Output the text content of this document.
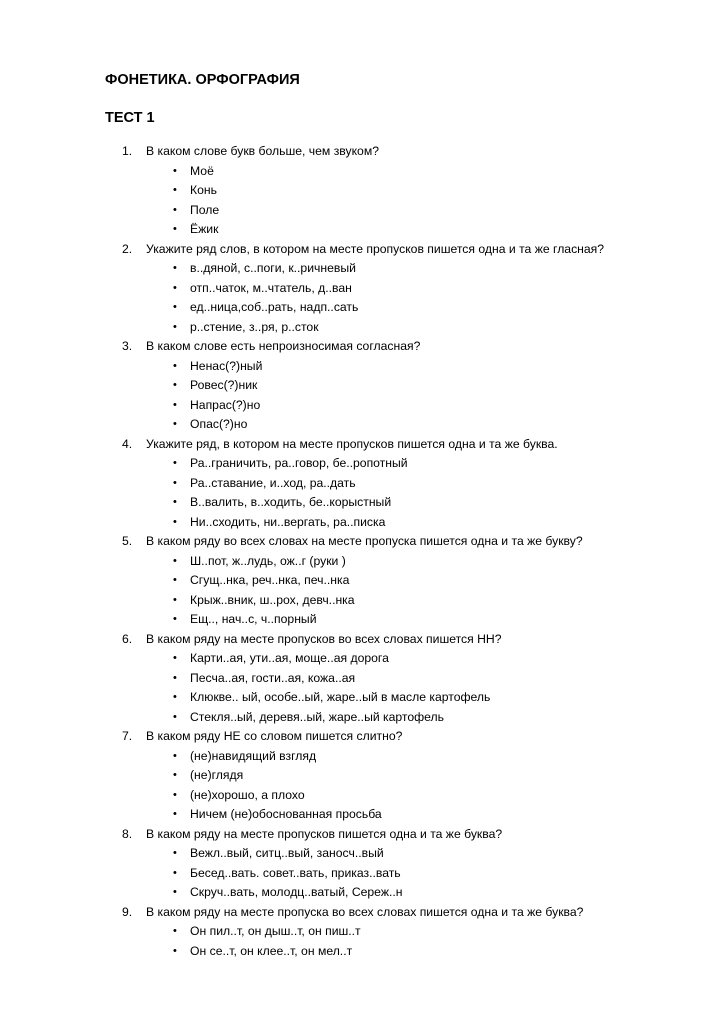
ФОНЕТИКА. ОРФОГРАФИЯ
ТЕСТ 1
1. В каком слове букв больше, чем звуком?
• Моё
• Конь
• Поле
• Ёжик
2. Укажите ряд слов, в котором на месте пропусков пишется одна и та же гласная?
• в..дяной, с..поги, к..ричневый
• отп..чаток, м..чтатель, д..ван
• ед..ница,соб..рать, надп..сать
• р..стение, з..ря, р..сток
3. В каком слове есть непроизносимая согласная?
• Ненас(?)ный
• Ровес(?)ник
• Напрас(?)но
• Опас(?)но
4. Укажите ряд, в котором на месте пропусков пишется одна и та же буква.
• Ра..граничить, ра..говор, бе..ропотный
• Ра..ставание, и..ход, ра..дать
• В..валить, в..ходить, бе..корыстный
• Ни..сходить, ни..вергать, ра..писка
5. В каком ряду во всех словах на месте пропуска пишется одна и та же букву?
• Ш..пот, ж..лудь, ож..г (руки )
• Сгущ..нка, реч..нка, печ..нка
• Крыж..вник, ш..рох, девч..нка
• Ещ.., нач..с, ч..порный
6. В каком ряду на месте пропусков во всех словах пишется НН?
• Карти..ая, ути..ая, моще..ая дорога
• Песча..ая, гости..ая, кожа..ая
• Клюкве.. ый, особе..ый, жаре..ый в масле картофель
• Стекля..ый, деревя..ый, жаре..ый картофель
7. В каком ряду НЕ со словом пишется слитно?
• (не)навидящий взгляд
• (не)глядя
• (не)хорошо, а плохо
• Ничем (не)обоснованная просьба
8. В каком ряду на месте пропусков пишется одна и та же буква?
• Вежл..вый, ситц..вый, заносч..вый
• Бесед..вать. совет..вать, приказ..вать
• Скруч..вать, молодц..ватый, Сереж..н
9. В каком ряду на месте пропуска во всех словах пишется одна и та же буква?
• Он пил..т, он дыш..т, он пиш..т
• Он се..т, он клее..т, он мел..т
